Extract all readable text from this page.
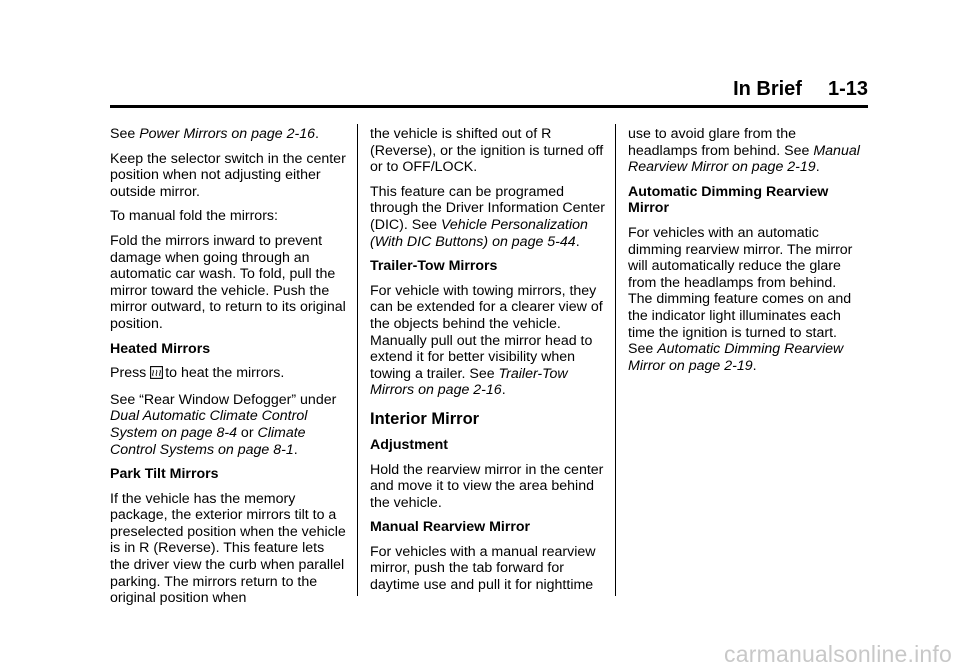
In Brief 1-13

See Power Mirrors on page 2-16.

Keep the selector switch in the center position when not adjusting either outside mirror.

To manual fold the mirrors:

Fold the mirrors inward to prevent damage when going through an automatic car wash. To fold, pull the mirror toward the vehicle. Push the mirror outward, to return to its original position.

Heated Mirrors

Press to heat the mirrors.

See “Rear Window Defogger” under Dual Automatic Climate Control System on page 8-4 or Climate Control Systems on page 8-1.

Park Tilt Mirrors

If the vehicle has the memory package, the exterior mirrors tilt to a preselected position when the vehicle is in R (Reverse). This feature lets the driver view the curb when parallel parking. The mirrors return to the original position when

the vehicle is shifted out of R (Reverse), or the ignition is turned off or to OFF/LOCK.

This feature can be programed through the Driver Information Center (DIC). See Vehicle Personalization (With DIC Buttons) on page 5-44.

Trailer-Tow Mirrors

For vehicle with towing mirrors, they can be extended for a clearer view of the objects behind the vehicle. Manually pull out the mirror head to extend it for better visibility when towing a trailer. See Trailer-Tow Mirrors on page 2-16.

Interior Mirror

Adjustment

Hold the rearview mirror in the center and move it to view the area behind the vehicle.

Manual Rearview Mirror

For vehicles with a manual rearview mirror, push the tab forward for daytime use and pull it for nighttime

use to avoid glare from the headlamps from behind. See Manual Rearview Mirror on page 2-19.

Automatic Dimming Rearview Mirror

For vehicles with an automatic dimming rearview mirror. The mirror will automatically reduce the glare from the headlamps from behind. The dimming feature comes on and the indicator light illuminates each time the ignition is turned to start. See Automatic Dimming Rearview Mirror on page 2-19.

carmanualsonline.info
